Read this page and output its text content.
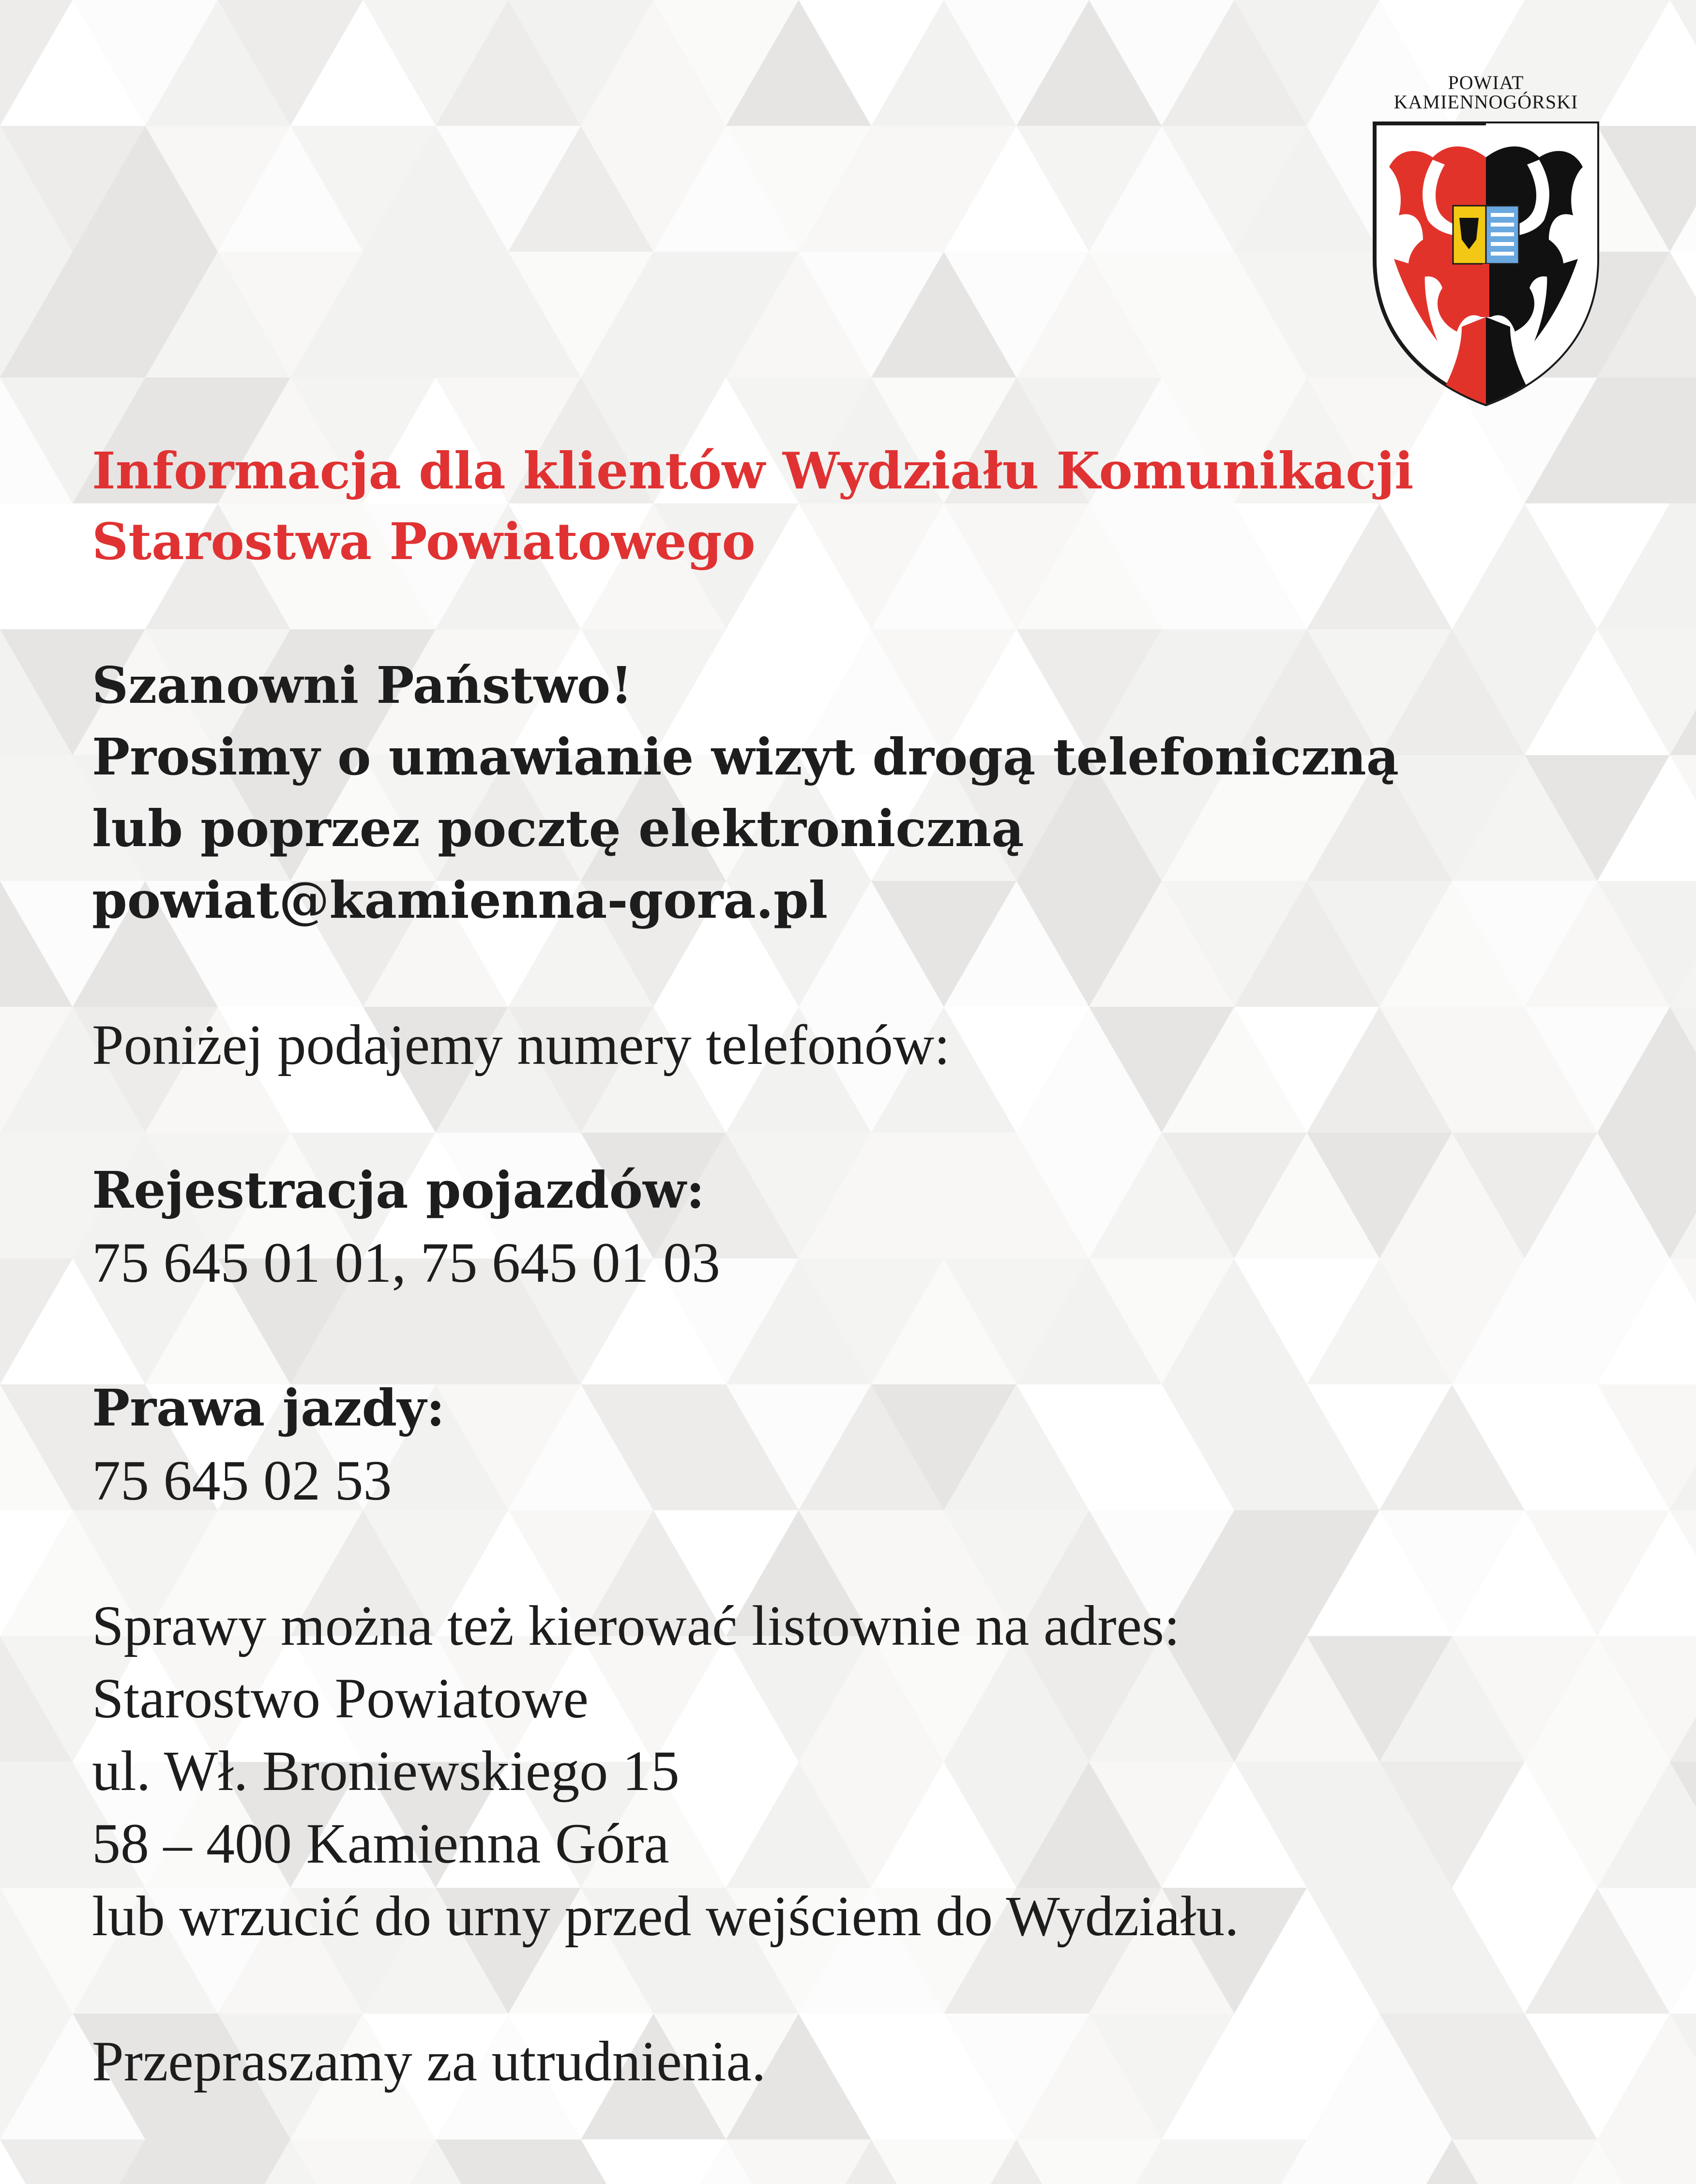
POWIAT
KAMIENNOGÓRSKI
Informacja dla klientów Wydziału Komunikacji
Starostwa Powiatowego
Szanowni Państwo!
Prosimy o umawianie wizyt drogą telefoniczną
lub poprzez pocztę elektroniczną
powiat@kamienna-gora.pl
Poniżej podajemy numery telefonów:
Rejestracja pojazdów:
75 645 01 01, 75 645 01 03
Prawa jazdy:
75 645 02 53
Sprawy można też kierować listownie na adres:
Starostwo Powiatowe
ul. Wł. Broniewskiego 15
58 – 400 Kamienna Góra
lub wrzucić do urny przed wejściem do Wydziału.
Przepraszamy za utrudnienia.
